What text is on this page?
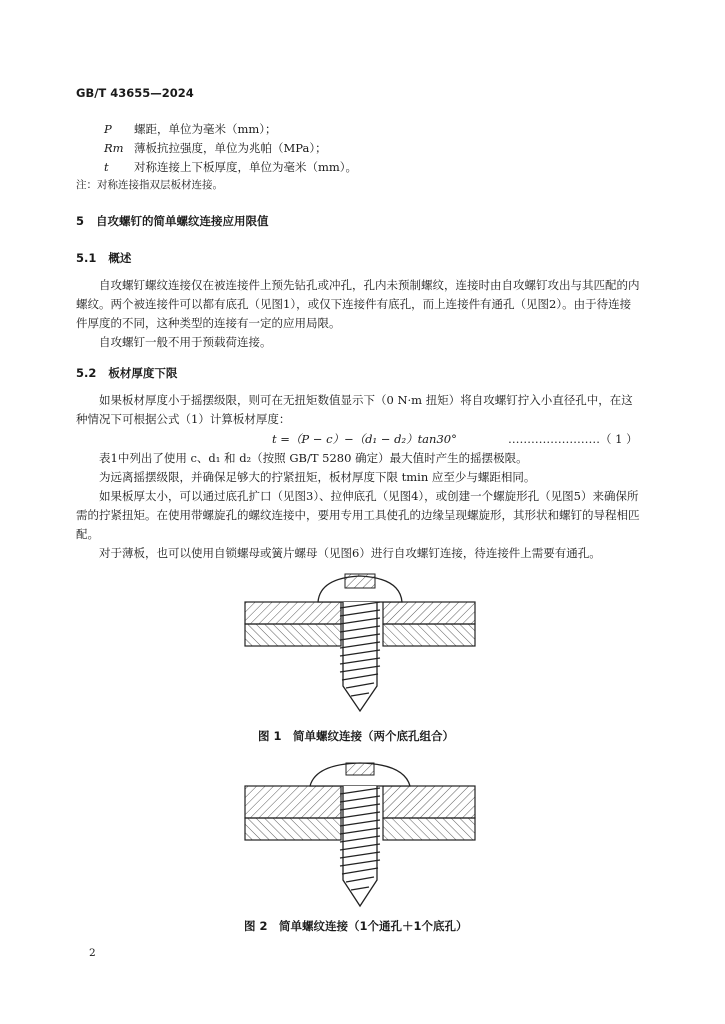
GB/T 43655—2024
P 螺距，单位为毫米（mm）；
Rm 薄板抗拉强度，单位为兆帕（MPa）；
t 对称连接上下板厚度，单位为毫米（mm）。
注：对称连接指双层板材连接。
5 自攻螺钉的简单螺纹连接应用限值
5.1 概述

自攻螺钉螺纹连接仅在被连接件上预先钻孔或冲孔，孔内未预制螺纹，连接时由自攻螺钉攻出与其匹配的内螺纹。两个被连接件可以都有底孔（见图1），或仅下连接件有底孔，而上连接件有通孔（见图2）。由于待连接件厚度的不同，这种类型的连接有一定的应用局限。

自攻螺钉一般不用于预载荷连接。

5.2 板材厚度下限

如果板材厚度小于摇摆级限，则可在无扭矩数值显示下（0 N·m 扭矩）将自攻螺钉拧入小直径孔中，在这种情况下可根据公式（1）计算板材厚度：

t =（P − c）−（d₁ − d₂）tan30°	……………………（ 1 ）

表1中列出了使用 c、d₁ 和 d₂（按照 GB/T 5280 确定）最大值时产生的摇摆极限。

为远离摇摆级限，并确保足够大的拧紧扭矩，板材厚度下限 tmin 应至少与螺距相同。

如果板厚太小，可以通过底孔扩口（见图3）、拉伸底孔（见图4），或创建一个螺旋形孔（见图5）来确保所需的拧紧扭矩。在使用带螺旋孔的螺纹连接中，要用专用工具使孔的边缘呈现螺旋形，其形状和螺钉的导程相匹配。

对于薄板，也可以使用自锁螺母或簧片螺母（见图6）进行自攻螺钉连接，待连接件上需要有通孔。

图 1　简单螺纹连接（两个底孔组合）
图 2　简单螺纹连接（1个通孔＋1个底孔）
2
